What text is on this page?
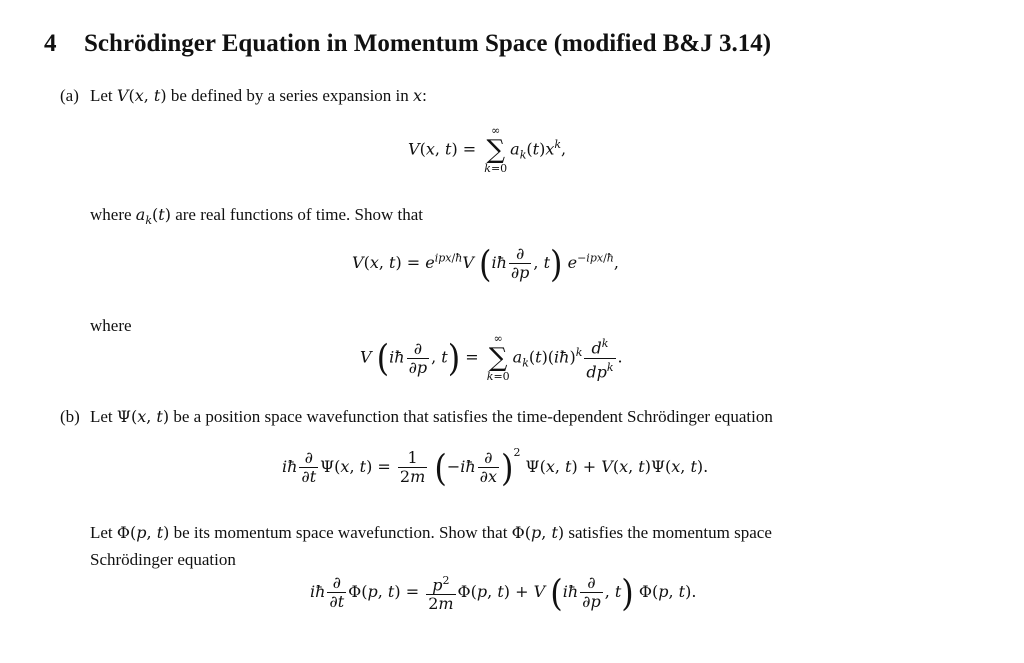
4 Schrödinger Equation in Momentum Space (modified B&J 3.14)
(a) Let V(x, t) be defined by a series expansion in x:
V(x, t) =
∞
∑
k=0
$a_k(t)x^k$,
where $a_k(t)$ are real functions of time. Show that
V(x, $t) = e^{ipx/ħ}V$ (iħ $\frac{\partial}{\partial p}$ , t) $e^{-ipx/ħ}$,
where
V (iħ $\frac{\partial}{\partial p}$ , t) =
∞
∑
k=0
$a_k(t)(iħ)^k \frac{d^k}{dp^k}$ .
(b) Let Ψ(x, t) be a position space wavefunction that satisfies the time-dependent Schrödinger equation
iħ $\frac{\partial}{\partial t} \Psi(x$, $t) = \frac{1}{2m}$ (−iħ $\frac{\partial}{\partial x} )^2$ Ψ(x, t) + V(x, t)Ψ(x, t).
Let Φ(p, t) be its momentum space wavefunction. Show that Φ(p, t) satisfies the momentum space
Schrödinger equation
iħ $\frac{\partial}{\partial t} \Phi(p$, $t) = \frac{p^2}{2m} \Phi(p$, t) + V (iħ $\frac{\partial}{\partial p}$ , t) Φ(p, t).
